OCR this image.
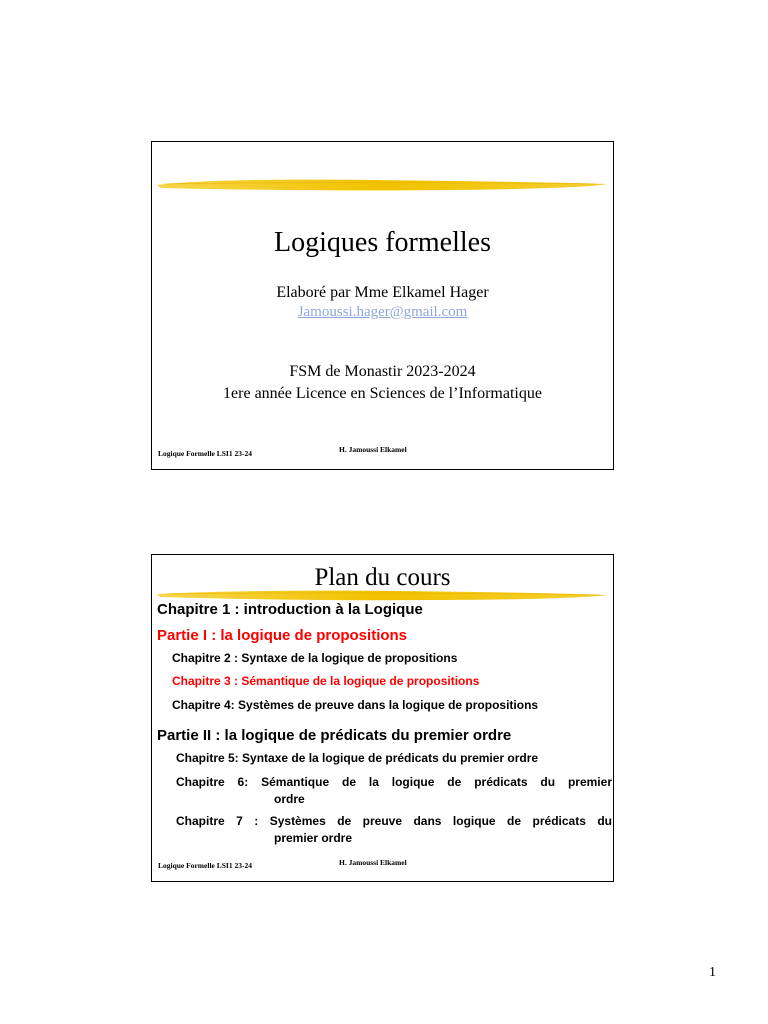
Logiques formelles
Elaboré par Mme Elkamel Hager
Jamoussi.hager@gmail.com
FSM de Monastir 2023-2024
1ere année Licence en Sciences de l’Informatique
Logique Formelle LSI1 23-24	H. Jamoussi Elkamel
Plan du cours
Chapitre 1 : introduction à la Logique
Partie I : la logique de propositions
Chapitre 2 : Syntaxe de la logique de propositions
Chapitre 3 : Sémantique de la logique de propositions
Chapitre 4: Systèmes de preuve dans la logique de propositions
Partie II : la logique de prédicats du premier ordre
Chapitre 5: Syntaxe de la logique de prédicats du premier ordre
Chapitre 6: Sémantique de la logique de prédicats du premier
ordre
Chapitre 7 : Systèmes de preuve dans logique de prédicats du
premier ordre
Logique Formelle LSI1 23-24	H. Jamoussi Elkamel
1
